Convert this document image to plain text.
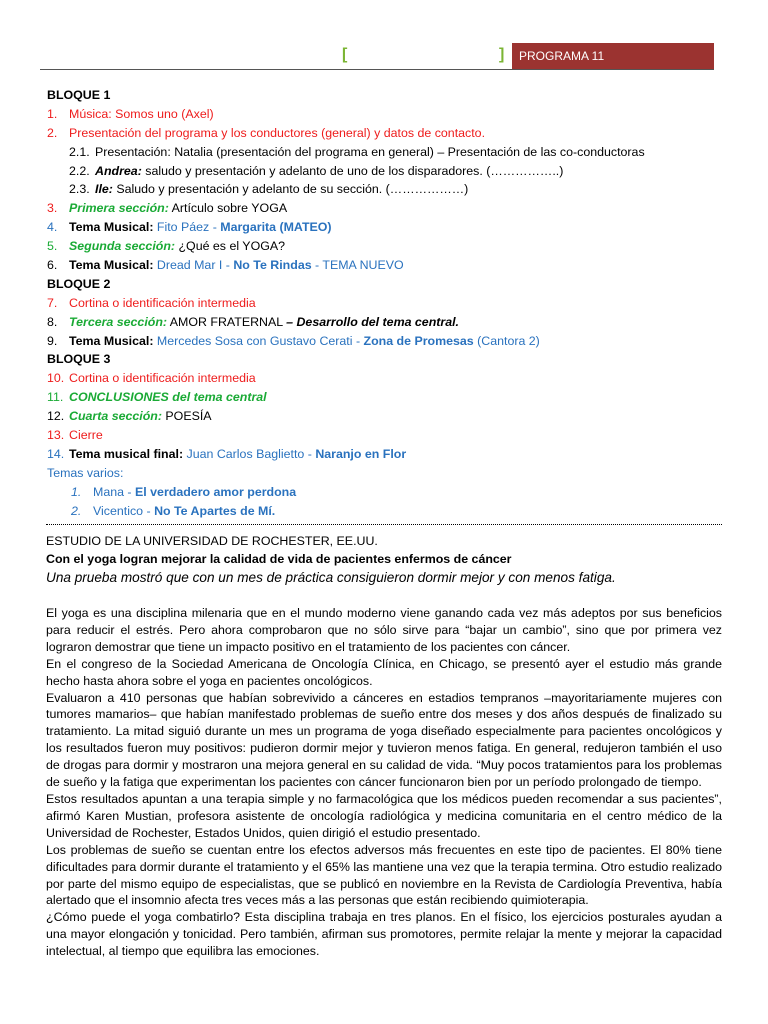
[	]	PROGRAMA 11
BLOQUE 1
1. Música: Somos uno (Axel)
2. Presentación del programa y los conductores (general) y datos de contacto.
2.1. Presentación: Natalia (presentación del programa en general) – Presentación de las co-conductoras
2.2. Andrea: saludo y presentación y adelanto de uno de los disparadores. (……………..)
2.3. Ile: Saludo y presentación y adelanto de su sección. (………………)
3. Primera sección: Artículo sobre YOGA
4. Tema Musical: Fito Páez - Margarita (MATEO)
5. Segunda sección: ¿Qué es el YOGA?
6. Tema Musical: Dread Mar I - No Te Rindas - TEMA NUEVO
BLOQUE 2
7. Cortina o identificación intermedia
8. Tercera sección: AMOR FRATERNAL – Desarrollo del tema central.
9. Tema Musical: Mercedes Sosa con Gustavo Cerati - Zona de Promesas (Cantora 2)
BLOQUE 3
10. Cortina o identificación intermedia
11. CONCLUSIONES del tema central
12. Cuarta sección: POESÍA
13. Cierre
14. Tema musical final: Juan Carlos Baglietto - Naranjo en Flor
Temas varios:
1. Mana - El verdadero amor perdona
2. Vicentico - No Te Apartes de Mí.
ESTUDIO DE LA UNIVERSIDAD DE ROCHESTER, EE.UU.
Con el yoga logran mejorar la calidad de vida de pacientes enfermos de cáncer
Una prueba mostró que con un mes de práctica consiguieron dormir mejor y con menos fatiga.

El yoga es una disciplina milenaria que en el mundo moderno viene ganando cada vez más adeptos por sus beneficios para reducir el estrés. Pero ahora comprobaron que no sólo sirve para “bajar un cambio”, sino que por primera vez lograron demostrar que tiene un impacto positivo en el tratamiento de los pacientes con cáncer.

En el congreso de la Sociedad Americana de Oncología Clínica, en Chicago, se presentó ayer el estudio más grande hecho hasta ahora sobre el yoga en pacientes oncológicos.

Evaluaron a 410 personas que habían sobrevivido a cánceres en estadios tempranos –mayoritariamente mujeres con tumores mamarios– que habían manifestado problemas de sueño entre dos meses y dos años después de finalizado su tratamiento. La mitad siguió durante un mes un programa de yoga diseñado especialmente para pacientes oncológicos y los resultados fueron muy positivos: pudieron dormir mejor y tuvieron menos fatiga. En general, redujeron también el uso de drogas para dormir y mostraron una mejora general en su calidad de vida. “Muy pocos tratamientos para los problemas de sueño y la fatiga que experimentan los pacientes con cáncer funcionaron bien por un período prolongado de tiempo.

Estos resultados apuntan a una terapia simple y no farmacológica que los médicos pueden recomendar a sus pacientes”, afirmó Karen Mustian, profesora asistente de oncología radiológica y medicina comunitaria en el centro médico de la Universidad de Rochester, Estados Unidos, quien dirigió el estudio presentado.

Los problemas de sueño se cuentan entre los efectos adversos más frecuentes en este tipo de pacientes. El 80% tiene dificultades para dormir durante el tratamiento y el 65% las mantiene una vez que la terapia termina. Otro estudio realizado por parte del mismo equipo de especialistas, que se publicó en noviembre en la Revista de Cardiología Preventiva, había alertado que el insomnio afecta tres veces más a las personas que están recibiendo quimioterapia.

¿Cómo puede el yoga combatirlo? Esta disciplina trabaja en tres planos. En el físico, los ejercicios posturales ayudan a una mayor elongación y tonicidad. Pero también, afirman sus promotores, permite relajar la mente y mejorar la capacidad intelectual, al tiempo que equilibra las emociones.
